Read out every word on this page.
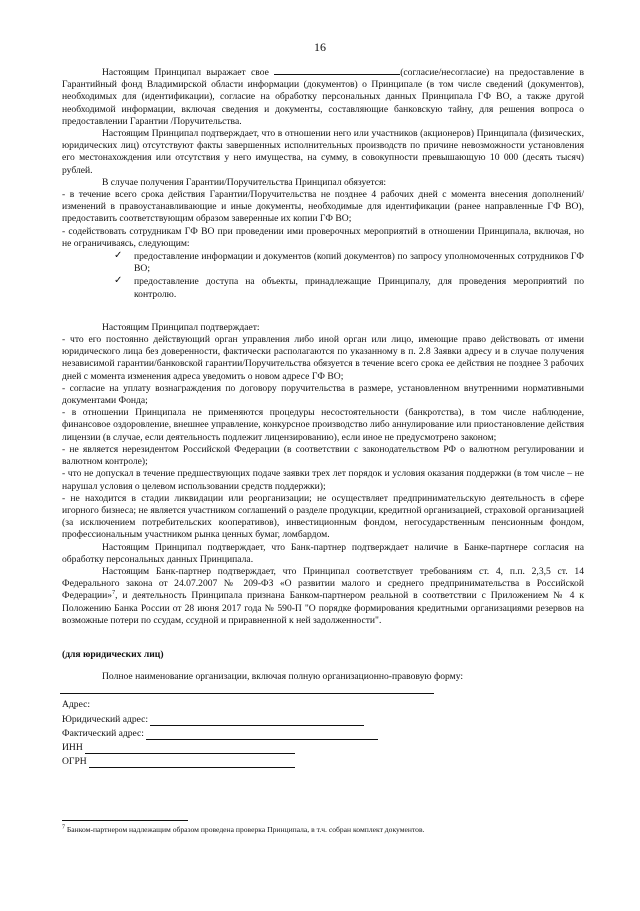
16

Настоящим Принципал выражает свое	(согласие/несогласие) на предоставление в Гарантийный фонд Владимирской области информации (документов) о Принципале (в том числе сведений (документов), необходимых для (идентификации), согласие на обработку персональных данных Принципала ГФ ВО, а также другой необходимой информации, включая сведения и документы, составляющие банковскую тайну, для решения вопроса о предоставлении Гарантии /Поручительства.

Настоящим Принципал подтверждает, что в отношении него или участников (акционеров) Принципала (физических, юридических лиц) отсутствуют факты завершенных исполнительных производств по причине невозможности установления его местонахождения или отсутствия у него имущества, на сумму, в совокупности превышающую 10 000 (десять тысяч) рублей.

В случае получения Гарантии/Поручительства Принципал обязуется:

- в течение всего срока действия Гарантии/Поручительства не позднее 4 рабочих дней с момента внесения дополнений/изменений в правоустанавливающие и иные документы, необходимые для идентификации (ранее направленные ГФ ВО), предоставить соответствующим образом заверенные их копии ГФ ВО;

- содействовать сотрудникам ГФ ВО при проведении ими проверочных мероприятий в отношении Принципала, включая, но не ограничиваясь, следующим:

✓ предоставление информации и документов (копий документов) по запросу уполномоченных сотрудников ГФ ВО;
✓ предоставление доступа на объекты, принадлежащие Принципалу, для проведения мероприятий по контролю.

Настоящим Принципал подтверждает:

- что его постоянно действующий орган управления либо иной орган или лицо, имеющие право действовать от имени юридического лица без доверенности, фактически располагаются по указанному в п. 2.8 Заявки адресу и в случае получения независимой гарантии/банковской гарантии/Поручительства обязуется в течение всего срока ее действия не позднее 3 рабочих дней с момента изменения адреса уведомить о новом адресе ГФ ВО;

- согласие на уплату вознаграждения по договору поручительства в размере, установленном внутренними нормативными документами Фонда;

- в отношении Принципала не применяются процедуры несостоятельности (банкротства), в том числе наблюдение, финансовое оздоровление, внешнее управление, конкурсное производство либо аннулирование или приостановление действия лицензии (в случае, если деятельность подлежит лицензированию), если иное не предусмотрено законом;

- не является нерезидентом Российской Федерации (в соответствии с законодательством РФ о валютном регулировании и валютном контроле);

- что не допускал в течение предшествующих подаче заявки трех лет порядок и условия оказания поддержки (в том числе – не нарушал условия о целевом использовании средств поддержки);

- не находится в стадии ликвидации или реорганизации; не осуществляет предпринимательскую деятельность в сфере игорного бизнеса; не является участником соглашений о разделе продукции, кредитной организацией, страховой организацией (за исключением потребительских кооперативов), инвестиционным фондом, негосударственным пенсионным фондом, профессиональным участником рынка ценных бумаг, ломбардом.

Настоящим Принципал подтверждает, что Банк-партнер подтверждает наличие в Банке-партнере согласия на обработку персональных данных Принципала.

Настоящим Банк-партнер подтверждает, что Принципал соответствует требованиям ст. 4, п.п. 2,3,5 ст. 14 Федерального закона от 24.07.2007 № 209-ФЗ «О развитии малого и среднего предпринимательства в Российской Федерации»$^7$, и деятельность Принципала признана Банком-партнером реальной в соответствии с Приложением № 4 к Положению Банка России от 28 июня 2017 года № 590-П "О порядке формирования кредитными организациями резервов на возможные потери по ссудам, ссудной и приравненной к ней задолженности".

(для юридических лиц)

Полное наименование организации, включая полную организационно-правовую форму:

Адрес:
Юридический адрес:
Фактический адрес:
ИНН
ОГРН
$^7$ Банком-партнером надлежащим образом проведена проверка Принципала, в т.ч. собран комплект документов.
